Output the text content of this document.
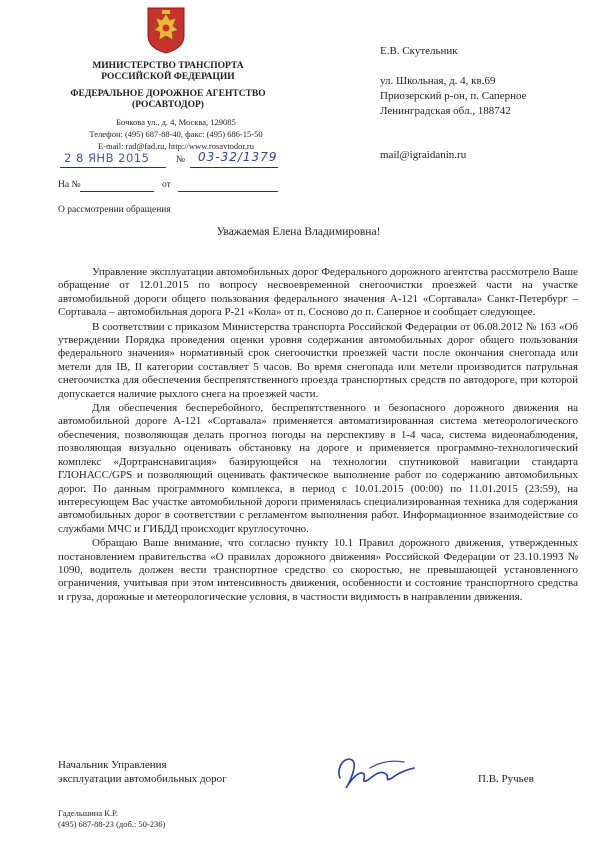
МИНИСТЕРСТВО ТРАНСПОРТА
РОССИЙСКОЙ ФЕДЕРАЦИИ
ФЕДЕРАЛЬНОЕ ДОРОЖНОЕ АГЕНТСТВО
(РОСАВТОДОР)
Бочкова ул., д. 4, Москва, 129085
Телефон: (495) 687-88-40, факс: (495) 686-15-50
E-mail: rad@fad.ru, http://www.rosavtodor.ru
2 8 ЯНВ 2015	№ 03-32/1379
На №	от
О рассмотрении обращения
Е.В. Скутельник
ул. Школьная, д. 4, кв.69
Приозерский р-он, п. Саперное
Ленинградская обл., 188742
mail@igraidanin.ru
Уважаемая Елена Владимировна!

Управление эксплуатации автомобильных дорог Федерального дорожного агентства рассмотрело Ваше обращение от 12.01.2015 по вопросу несвоевременной снегоочистки проезжей части на участке автомобильной дороги общего пользования федерального значения А-121 «Сортавала» Санкт-Петербург – Сортавала – автомобильная дорога Р-21 «Кола» от п. Сосново до п. Саперное и сообщает следующее.

В соответствии с приказом Министерства транспорта Российской Федерации от 06.08.2012 № 163 «Об утверждении Порядка проведения оценки уровня содержания автомобильных дорог общего пользования федерального значения» нормативный срок снегоочистки проезжей части после окончания снегопада или метели для IВ, II категории составляет 5 часов. Во время снегопада или метели производится патрульная снегоочистка для обеспечения беспрепятственного проезда транспортных средств по автодороге, при которой допускается наличие рыхлого снега на проезжей части.

Для обеспечения бесперебойного, беспрепятственного и безопасного дорожного движения на автомобильной дороге А-121 «Сортавала» применяется автоматизированная система метеорологического обеспечения, позволяющая делать прогноз погоды на перспективу в 1-4 часа, система видеонаблюдения, позволяющая визуально оценивать обстановку на дороге и применяется программно-технологический комплекс «Дортранснавигация» базирующейся на технологии спутниковой навигации стандарта ГЛОНАСС/GPS и позволяющий оценивать фактическое выполнение работ по содержанию автомобильных дорог. По данным программного комплекса, в период с 10.01.2015 (00:00) по 11.01.2015 (23:59), на интересующем Вас участке автомобильной дороги применялась специализированная техника для содержания автомобильных дорог в соответствии с регламентом выполнения работ. Информационное взаимодействие со службами МЧС и ГИБДД происходит круглосуточно.

Обращаю Ваше внимание, что согласно пункту 10.1 Правил дорожного движения, утвержденных постановлением правительства «О правилах дорожного движения» Российской Федерации от 23.10.1993 № 1090, водитель должен вести транспортное средство со скоростью, не превышающей установленного ограничения, учитывая при этом интенсивность движения, особенности и состояние транспортного средства и груза, дорожные и метеорологические условия, в частности видимость в направлении движения.

Начальник Управления
эксплуатации автомобильных дорог	П.В. Ручьев
Гадельшина К.Р.
(495) 687-88-23 (доб.: 50-236)
